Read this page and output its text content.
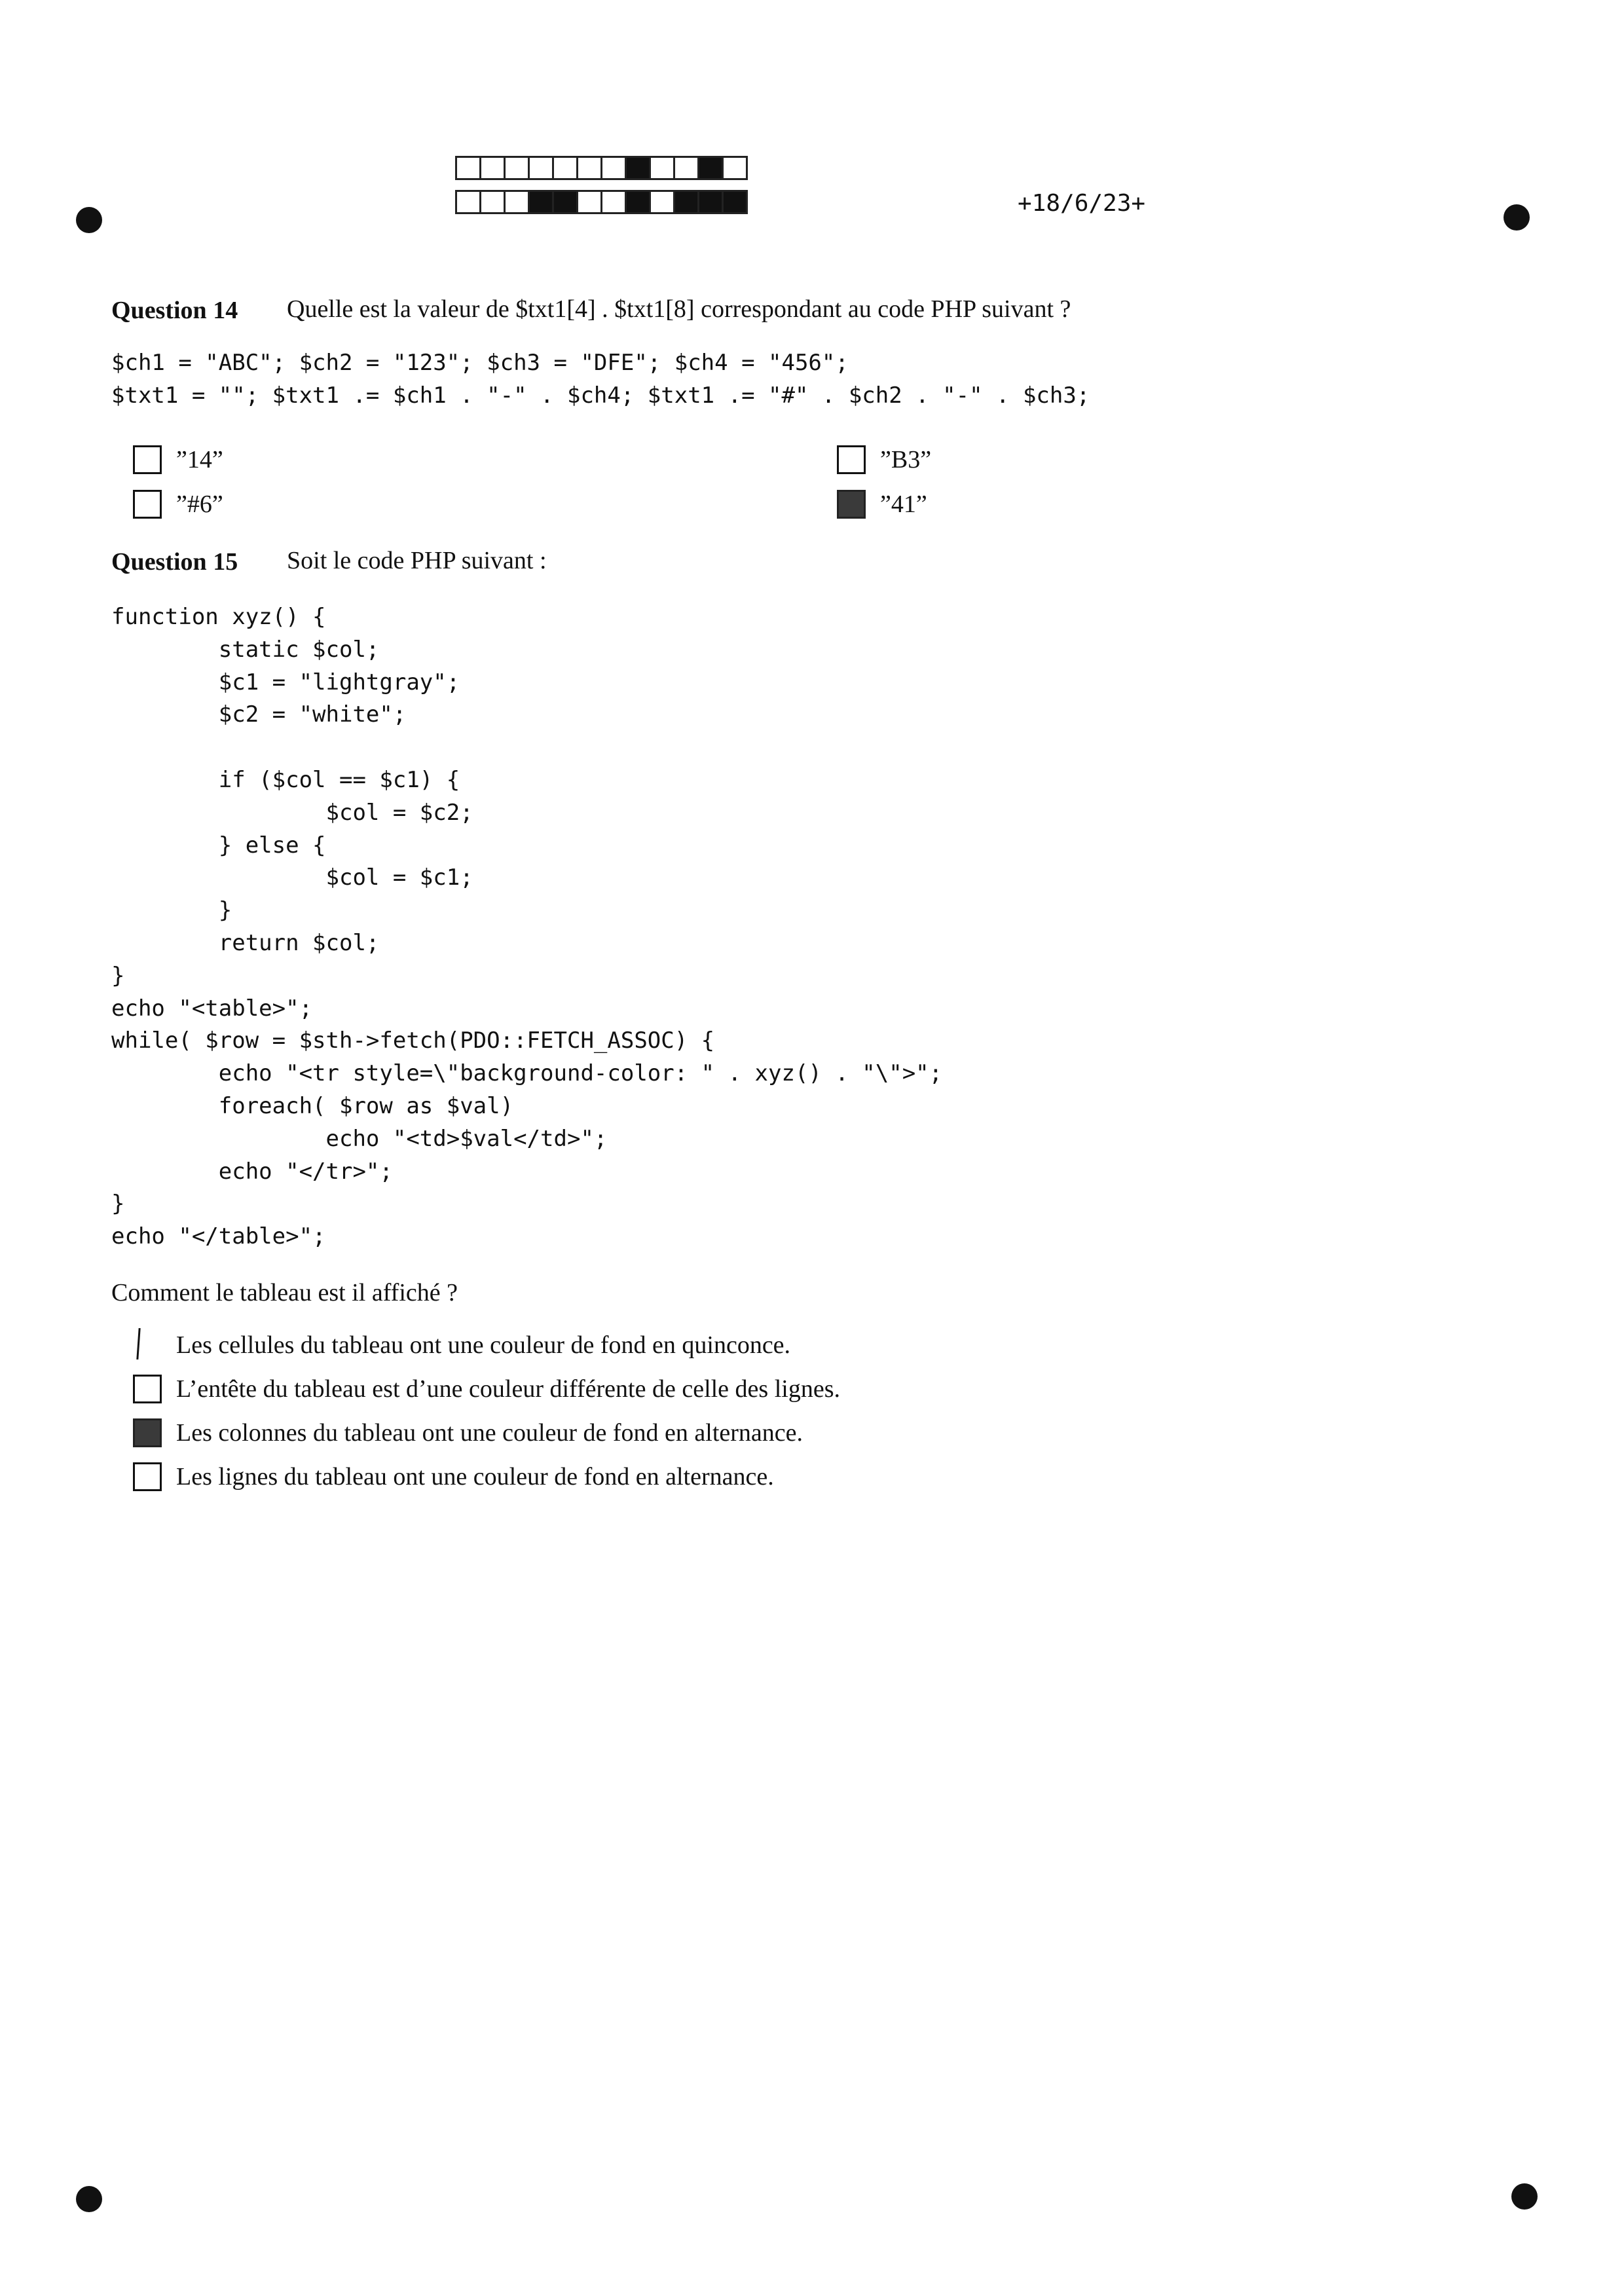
+18/6/23+
Question 14 Quelle est la valeur de $txt1[4] . $txt1[8] correspondant au code PHP suivant ?
$ch1 = "ABC"; $ch2 = "123"; $ch3 = "DFE"; $ch4 = "456";
$txt1 = ""; $txt1 .= $ch1 . "-" . $ch4; $txt1 .= "#" . $ch2 . "-" . $ch3;
”14”	”B3”
”#6”	”41”
Question 15 Soit le code PHP suivant :
function xyz() {
static $col;
$c1 = "lightgray";
$c2 = "white";

if ($col == $c1) {
$col = $c2;
} else {
$col = $c1;
}
return $col;
}
echo "<table>";
while( $row = $sth->fetch(PDO::FETCH_ASSOC) {
echo "<tr style=\"background-color: " . xyz() . "\">";
foreach( $row as $val)
echo "<td>$val</td>";
echo "</tr>";
}
echo "</table>";
Comment le tableau est il affiché ?
Les cellules du tableau ont une couleur de fond en quinconce.
L’entête du tableau est d’une couleur différente de celle des lignes.
Les colonnes du tableau ont une couleur de fond en alternance.
Les lignes du tableau ont une couleur de fond en alternance.
